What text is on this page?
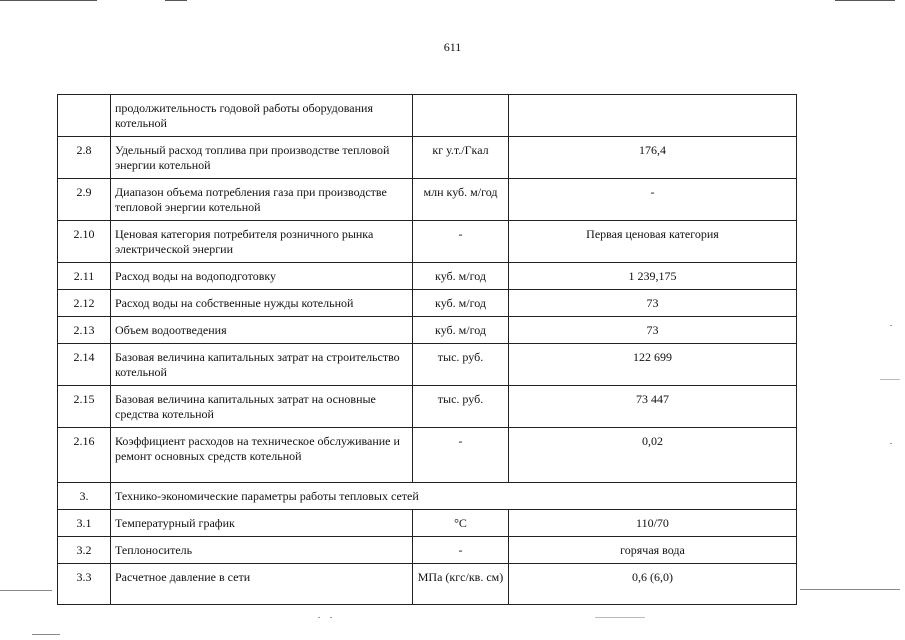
611
	продолжительность годовой работы оборудования котельной		
2.8	Удельный расход топлива при производстве тепловой энергии котельной	кг у.т./Гкал	176,4
2.9	Диапазон объема потребления газа при производстве тепловой энергии котельной	млн куб. м/год	-
2.10	Ценовая категория потребителя розничного рынка электрической энергии	-	Первая ценовая категория
2.11	Расход воды на водоподготовку	куб. м/год	1 239,175
2.12	Расход воды на собственные нужды котельной	куб. м/год	73
2.13	Объем водоотведения	куб. м/год	73
2.14	Базовая величина капитальных затрат на строительство котельной	тыс. руб.	122 699
2.15	Базовая величина капитальных затрат на основные средства котельной	тыс. руб.	73 447
2.16	Коэффициент расходов на техническое обслуживание и ремонт основных средств котельной	-	0,02
3.	Технико-экономические параметры работы тепловых сетей		
3.1	Температурный график	°C	110/70
3.2	Теплоноситель	-	горячая вода
3.3	Расчетное давление в сети	МПа (кгс/кв. см)	0,6 (6,0)
